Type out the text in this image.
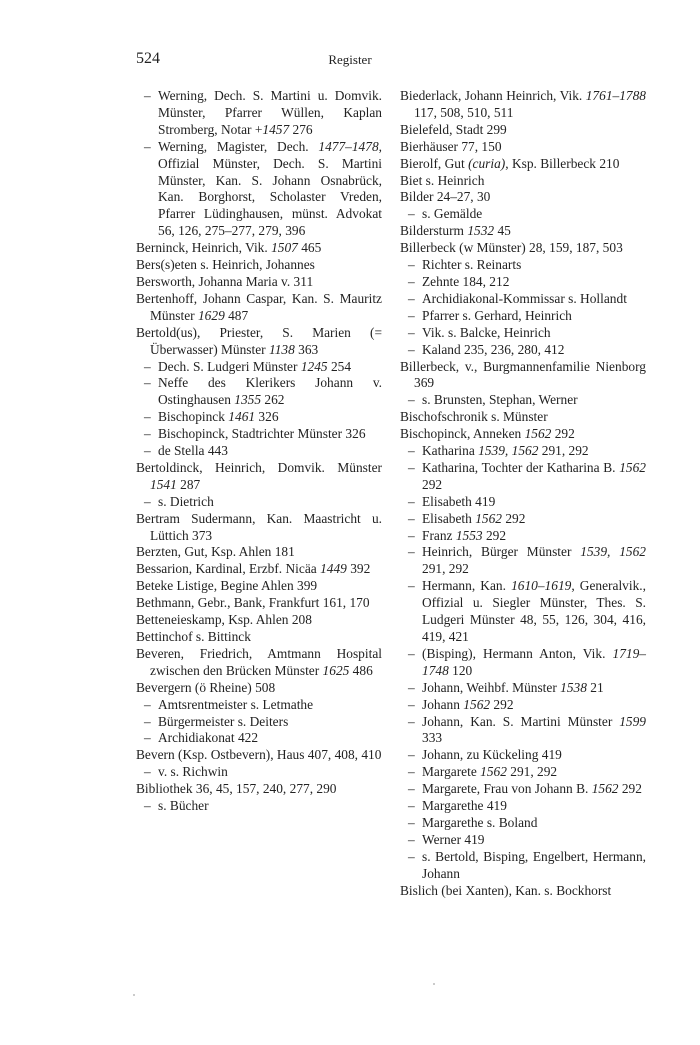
524	Register

– Werning, Dech. S. Martini u. Domvik. Münster, Pfarrer Wüllen, Kaplan Stromberg, Notar +1457 276

– Werning, Magister, Dech. 1477–1478, Offizial Münster, Dech. S. Martini Münster, Kan. S. Johann Osnabrück, Kan. Borghorst, Scholaster Vreden, Pfarrer Lüdinghausen, münst. Advokat 56, 126, 275–277, 279, 396

Berninck, Heinrich, Vik. 1507 465

Bers(s)eten s. Heinrich, Johannes

Bersworth, Johanna Maria v. 311

Bertenhoff, Johann Caspar, Kan. S. Mauritz Münster 1629 487

Bertold(us), Priester, S. Marien (= Überwasser) Münster 1138 363

– Dech. S. Ludgeri Münster 1245 254

– Neffe des Klerikers Johann v. Ostinghausen 1355 262

– Bischopinck 1461 326

– Bischopinck, Stadtrichter Münster 326

– de Stella 443

Bertoldinck, Heinrich, Domvik. Münster 1541 287

– s. Dietrich

Bertram Sudermann, Kan. Maastricht u. Lüttich 373

Berzten, Gut, Ksp. Ahlen 181

Bessarion, Kardinal, Erzbf. Nicäa 1449 392

Beteke Listige, Begine Ahlen 399

Bethmann, Gebr., Bank, Frankfurt 161, 170

Betteneieskamp, Ksp. Ahlen 208

Bettinchof s. Bittinck

Beveren, Friedrich, Amtmann Hospital zwischen den Brücken Münster 1625 486

Bevergern (ö Rheine) 508

– Amtsrentmeister s. Letmathe

– Bürgermeister s. Deiters

– Archidiakonat 422

Bevern (Ksp. Ostbevern), Haus 407, 408, 410

– v. s. Richwin

Bibliothek 36, 45, 157, 240, 277, 290

– s. Bücher

Biederlack, Johann Heinrich, Vik. 1761–1788 117, 508, 510, 511

Bielefeld, Stadt 299

Bierhäuser 77, 150

Bierolf, Gut (curia), Ksp. Billerbeck 210

Biet s. Heinrich

Bilder 24–27, 30

– s. Gemälde

Bildersturm 1532 45

Billerbeck (w Münster) 28, 159, 187, 503

– Richter s. Reinarts

– Zehnte 184, 212

– Archidiakonal-Kommissar s. Hollandt

– Pfarrer s. Gerhard, Heinrich

– Vik. s. Balcke, Heinrich

– Kaland 235, 236, 280, 412

Billerbeck, v., Burgmannenfamilie Nienborg 369

– s. Brunsten, Stephan, Werner

Bischofschronik s. Münster

Bischopinck, Anneken 1562 292

– Katharina 1539, 1562 291, 292

– Katharina, Tochter der Katharina B. 1562 292

– Elisabeth 419

– Elisabeth 1562 292

– Franz 1553 292

– Heinrich, Bürger Münster 1539, 1562 291, 292

– Hermann, Kan. 1610–1619, Generalvik., Offizial u. Siegler Münster, Thes. S. Ludgeri Münster 48, 55, 126, 304, 416, 419, 421

– (Bisping), Hermann Anton, Vik. 1719–1748 120

– Johann, Weihbf. Münster 1538 21

– Johann 1562 292

– Johann, Kan. S. Martini Münster 1599 333

– Johann, zu Kückeling 419

– Margarete 1562 291, 292

– Margarete, Frau von Johann B. 1562 292

– Margarethe 419

– Margarethe s. Boland

– Werner 419

– s. Bertold, Bisping, Engelbert, Hermann, Johann

Bislich (bei Xanten), Kan. s. Bockhorst
